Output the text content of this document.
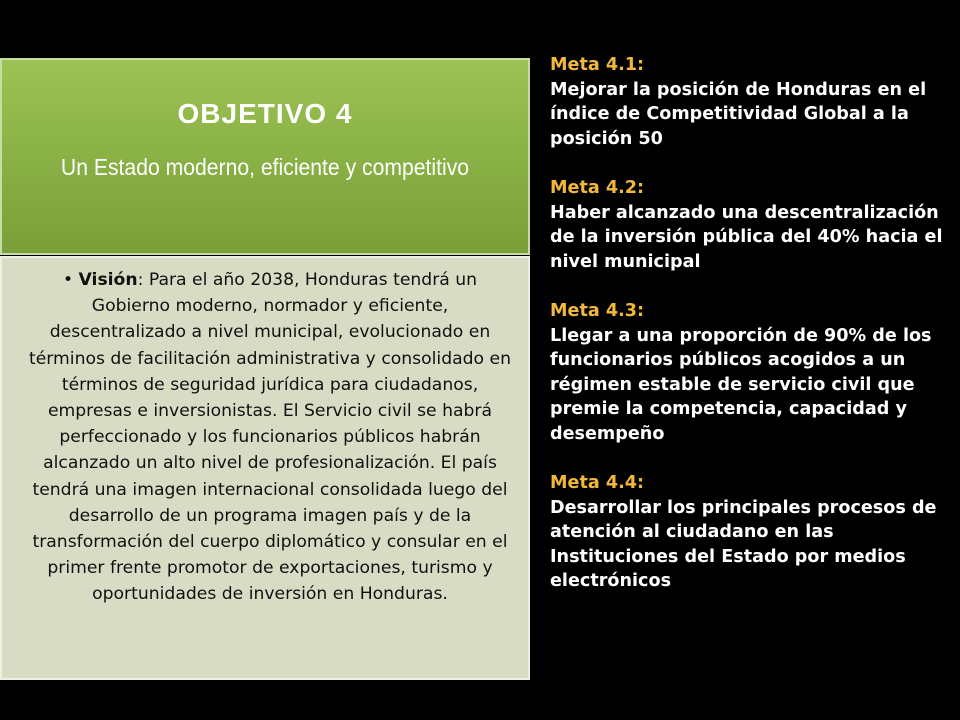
OBJETIVO 4
Un Estado moderno, eficiente y competitivo
• Visión: Para el año 2038, Honduras tendrá un Gobierno moderno, normador y eficiente, descentralizado a nivel municipal, evolucionado en términos de facilitación administrativa y consolidado en términos de seguridad jurídica para ciudadanos, empresas e inversionistas. El Servicio civil se habrá perfeccionado y los funcionarios públicos habrán alcanzado un alto nivel de profesionalización. El país tendrá una imagen internacional consolidada luego del desarrollo de un programa imagen país y de la transformación del cuerpo diplomático y consular en el primer frente promotor de exportaciones, turismo y oportunidades de inversión en Honduras.
Meta 4.1:
Mejorar la posición de Honduras en el índice de Competitividad Global a la posición 50
Meta 4.2:
Haber alcanzado una descentralización de la inversión pública del 40% hacia el nivel municipal
Meta 4.3:
Llegar a una proporción de 90% de los funcionarios públicos acogidos a un régimen estable de servicio civil que premie la competencia, capacidad y desempeño
Meta 4.4:
Desarrollar los principales procesos de atención al ciudadano en las Instituciones del Estado por medios electrónicos
